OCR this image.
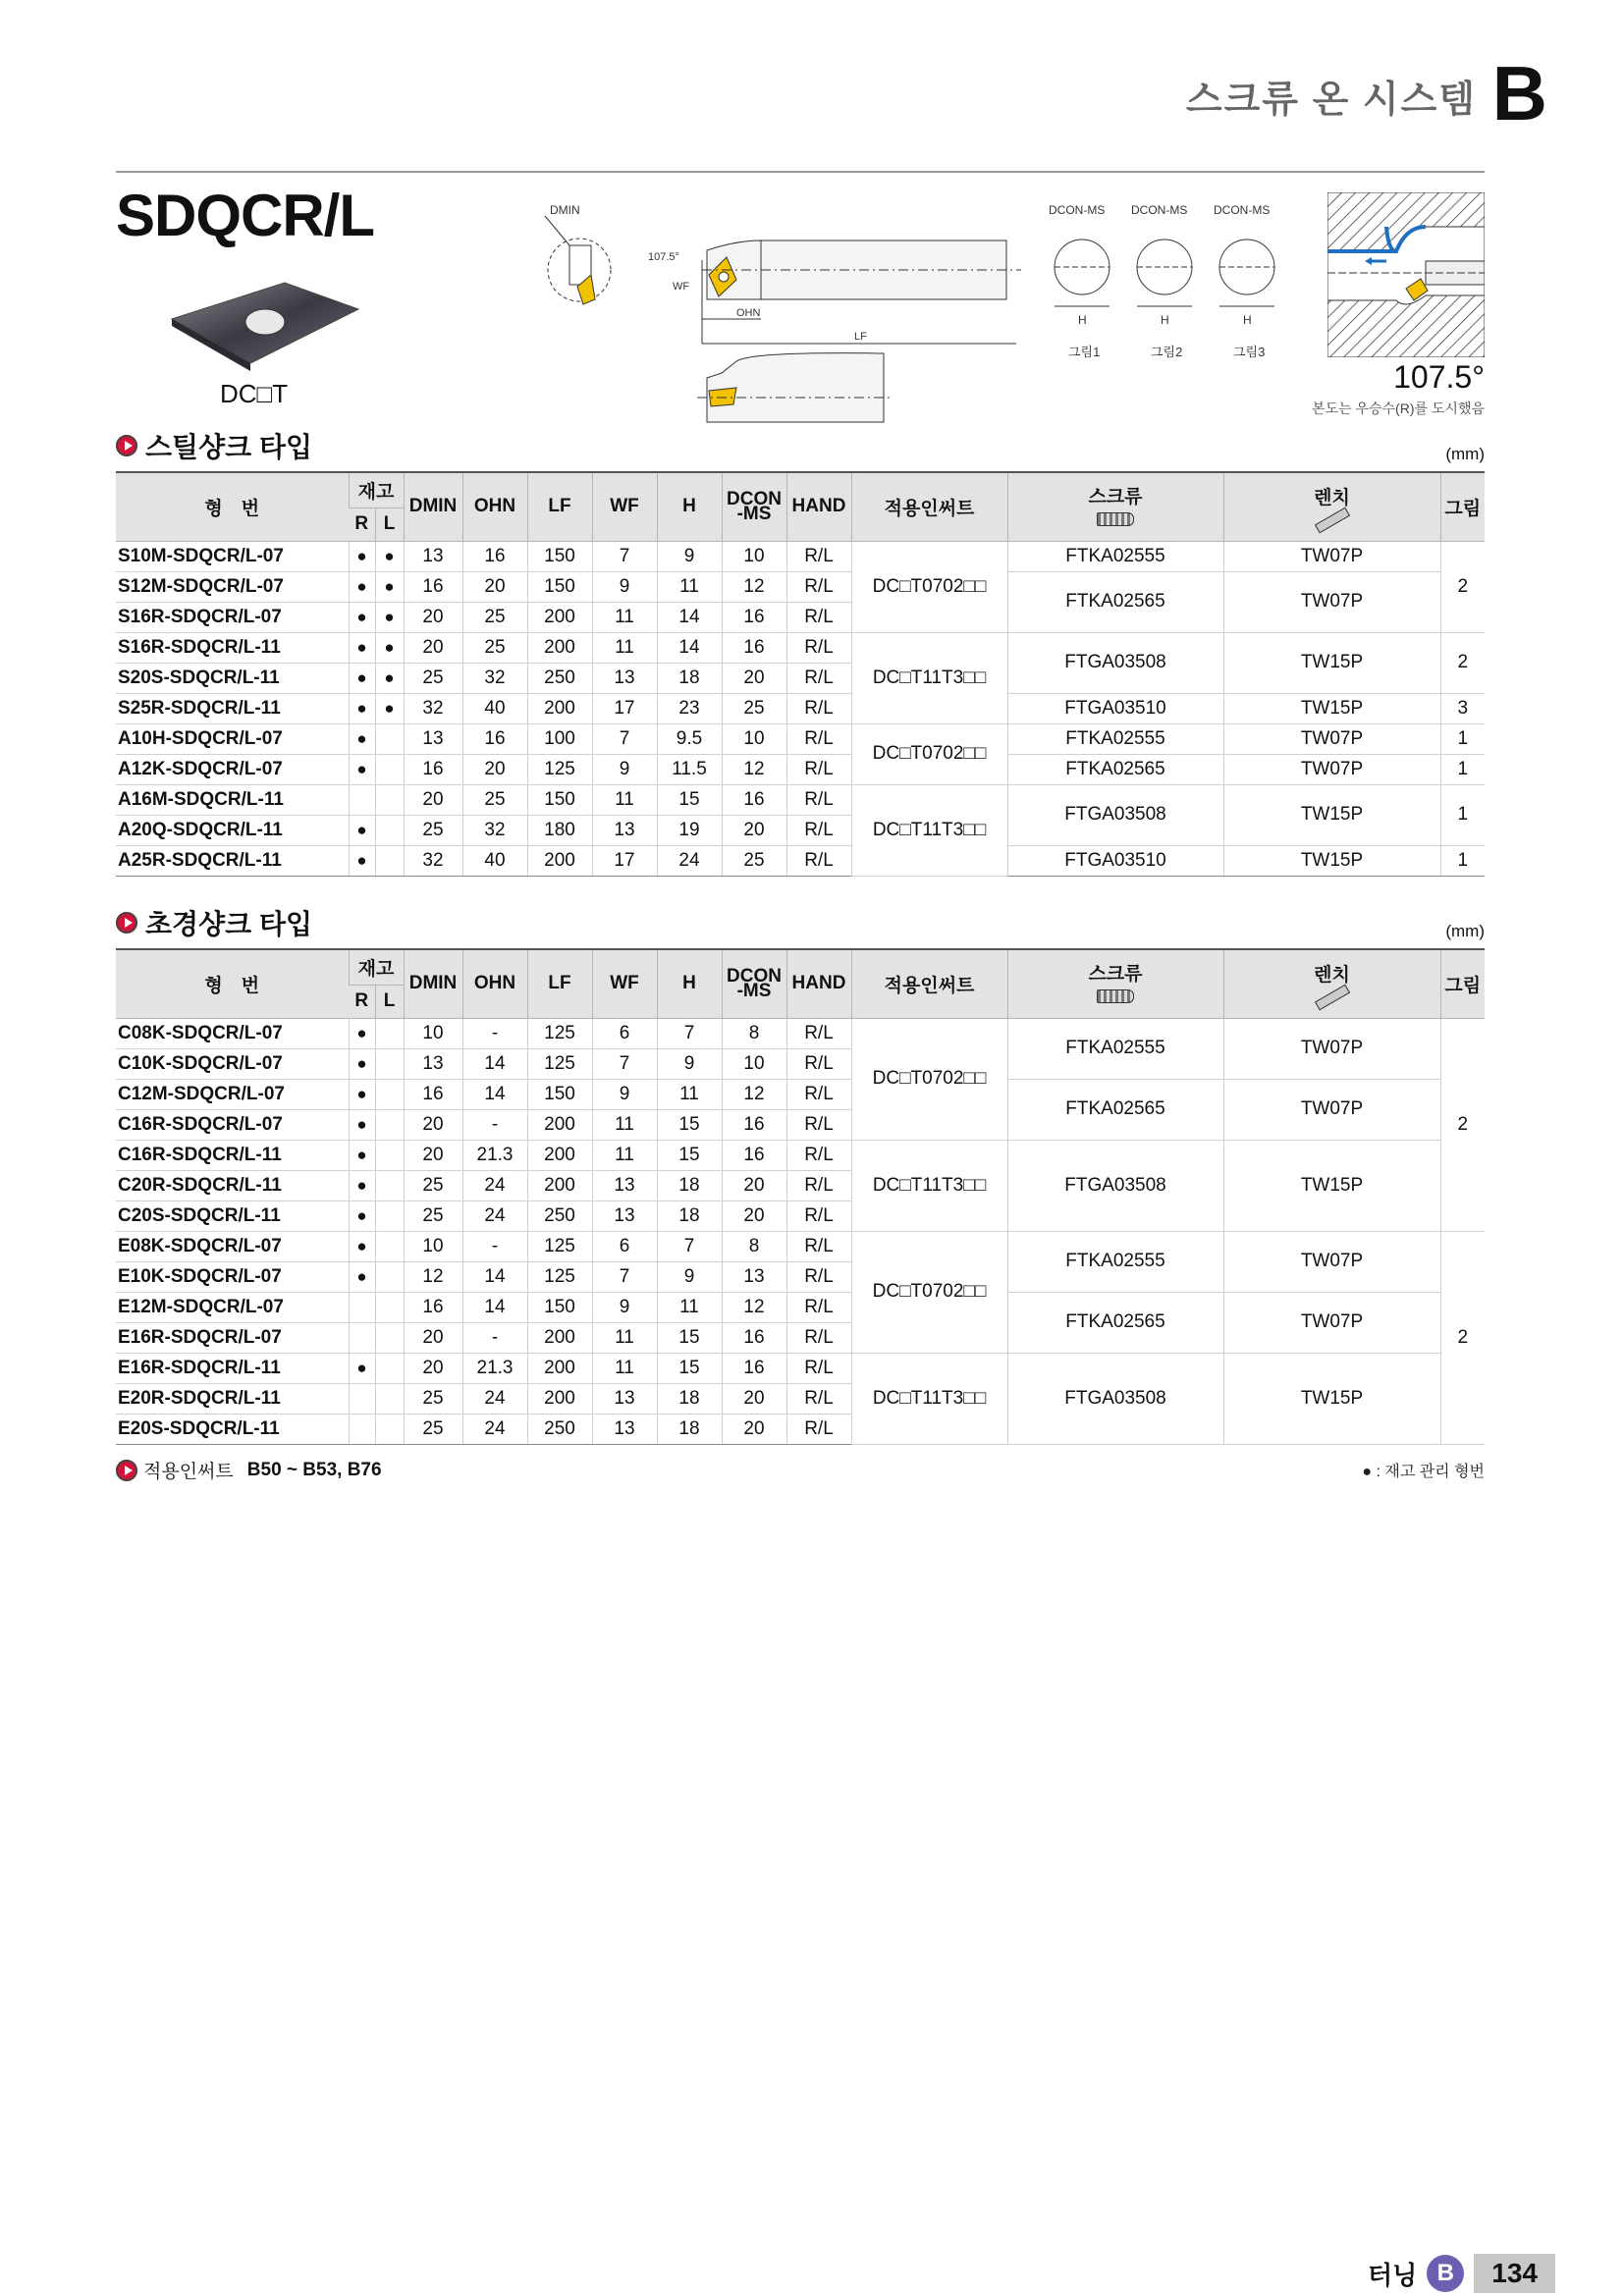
스크류 온 시스템 B
SDQCR/L
DC□T
DMIN
107.5°
WF
OHN
LF
DCON-MS DCON-MS DCON-MS
H	H	H
그림1	그림2	그림3
107.5°
본도는 우승수(R)를 도시했음
스틸샹크 타입	(mm)
형　번	재고		DMIN	OHN	LF	WF	H	DCON
-MS	HAND	적용인써트	스크류	렌치	그림
	R	L											
S10M-SDQCR/L-07	●	●	13	16	150	7	9	10	R/L	DC□T0702□□	FTKA02555	TW07P	2
S12M-SDQCR/L-07	●	●	16	20	150	9	11	12	R/L		FTKA02565	TW07P	
S16R-SDQCR/L-07	●	●	20	25	200	11	14	16	R/L				
S16R-SDQCR/L-11	●	●	20	25	200	11	14	16	R/L	DC□T11T3□□	FTGA03508	TW15P	2
S20S-SDQCR/L-11	●	●	25	32	250	13	18	20	R/L				
S25R-SDQCR/L-11	●	●	32	40	200	17	23	25	R/L		FTGA03510	TW15P	3
A10H-SDQCR/L-07	●		13	16	100	7	9.5	10	R/L	DC□T0702□□	FTKA02555	TW07P	1
A12K-SDQCR/L-07	●		16	20	125	9	11.5	12	R/L		FTKA02565	TW07P	1
A16M-SDQCR/L-11			20	25	150	11	15	16	R/L	DC□T11T3□□	FTGA03508	TW15P	1
A20Q-SDQCR/L-11	●		25	32	180	13	19	20	R/L				
A25R-SDQCR/L-11	●		32	40	200	17	24	25	R/L		FTGA03510	TW15P	1
초경샹크 타입	(mm)
형　번	재고		DMIN	OHN	LF	WF	H	DCON
-MS	HAND	적용인써트	스크류	렌치	그림
	R	L											
C08K-SDQCR/L-07	●		10	-	125	6	7	8	R/L	DC□T0702□□	FTKA02555	TW07P	2
C10K-SDQCR/L-07	●		13	14	125	7	9	10	R/L				
C12M-SDQCR/L-07	●		16	14	150	9	11	12	R/L		FTKA02565	TW07P	
C16R-SDQCR/L-07	●		20	-	200	11	15	16	R/L				
C16R-SDQCR/L-11	●		20	21.3	200	11	15	16	R/L	DC□T11T3□□	FTGA03508	TW15P	
C20R-SDQCR/L-11	●		25	24	200	13	18	20	R/L				
C20S-SDQCR/L-11	●		25	24	250	13	18	20	R/L				
E08K-SDQCR/L-07	●		10	-	125	6	7	8	R/L	DC□T0702□□	FTKA02555	TW07P	2
E10K-SDQCR/L-07	●		12	14	125	7	9	13	R/L				
E12M-SDQCR/L-07			16	14	150	9	11	12	R/L		FTKA02565	TW07P	
E16R-SDQCR/L-07			20	-	200	11	15	16	R/L				
E16R-SDQCR/L-11	●		20	21.3	200	11	15	16	R/L	DC□T11T3□□	FTGA03508	TW15P	
E20R-SDQCR/L-11			25	24	200	13	18	20	R/L				
E20S-SDQCR/L-11			25	24	250	13	18	20	R/L				
적용인써트 B50 ~ B53, B76	● : 재고 관리 형번
터닝 B	134
